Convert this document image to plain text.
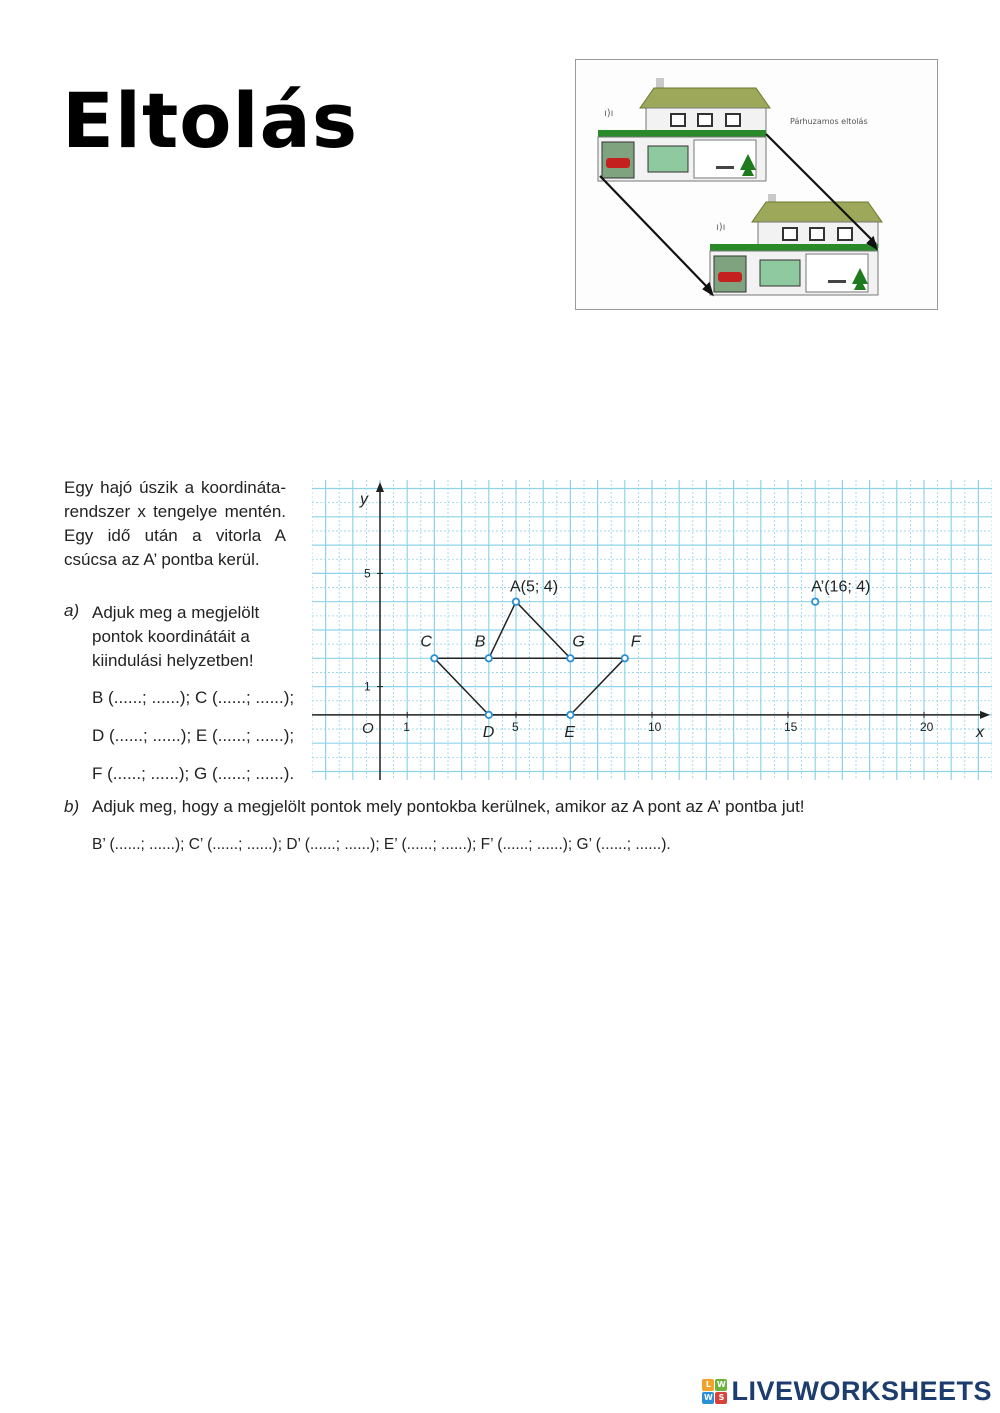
Eltolás	ı)ı
ı)ı
Párhuzamos eltolás

Egy hajó úszik a koordináta-rendszer x tengelye mentén. Egy idő után a vitorla A csúcsa az A’ pontba kerül.

a) Adjuk meg a megjelölt pontok koordinátáit a kiindulási helyzetben!

B (......; ......); C (......; ......);
D (......; ......); E (......; ......);
F (......; ......); G (......; ......).
x
y
O 1	5	10	15	20
1
5
A(5; 4)
B
C
D	E
F
G
A’(16; 4)
b) Adjuk meg, hogy a megjelölt pontok mely pontokba kerülnek, amikor az A pont az A’ pontba jut!

B’ (......; ......); C’ (......; ......); D’ (......; ......); E’ (......; ......); F’ (......; ......); G’ (......; ......).
L W
W S LIVEWORKSHEETS
